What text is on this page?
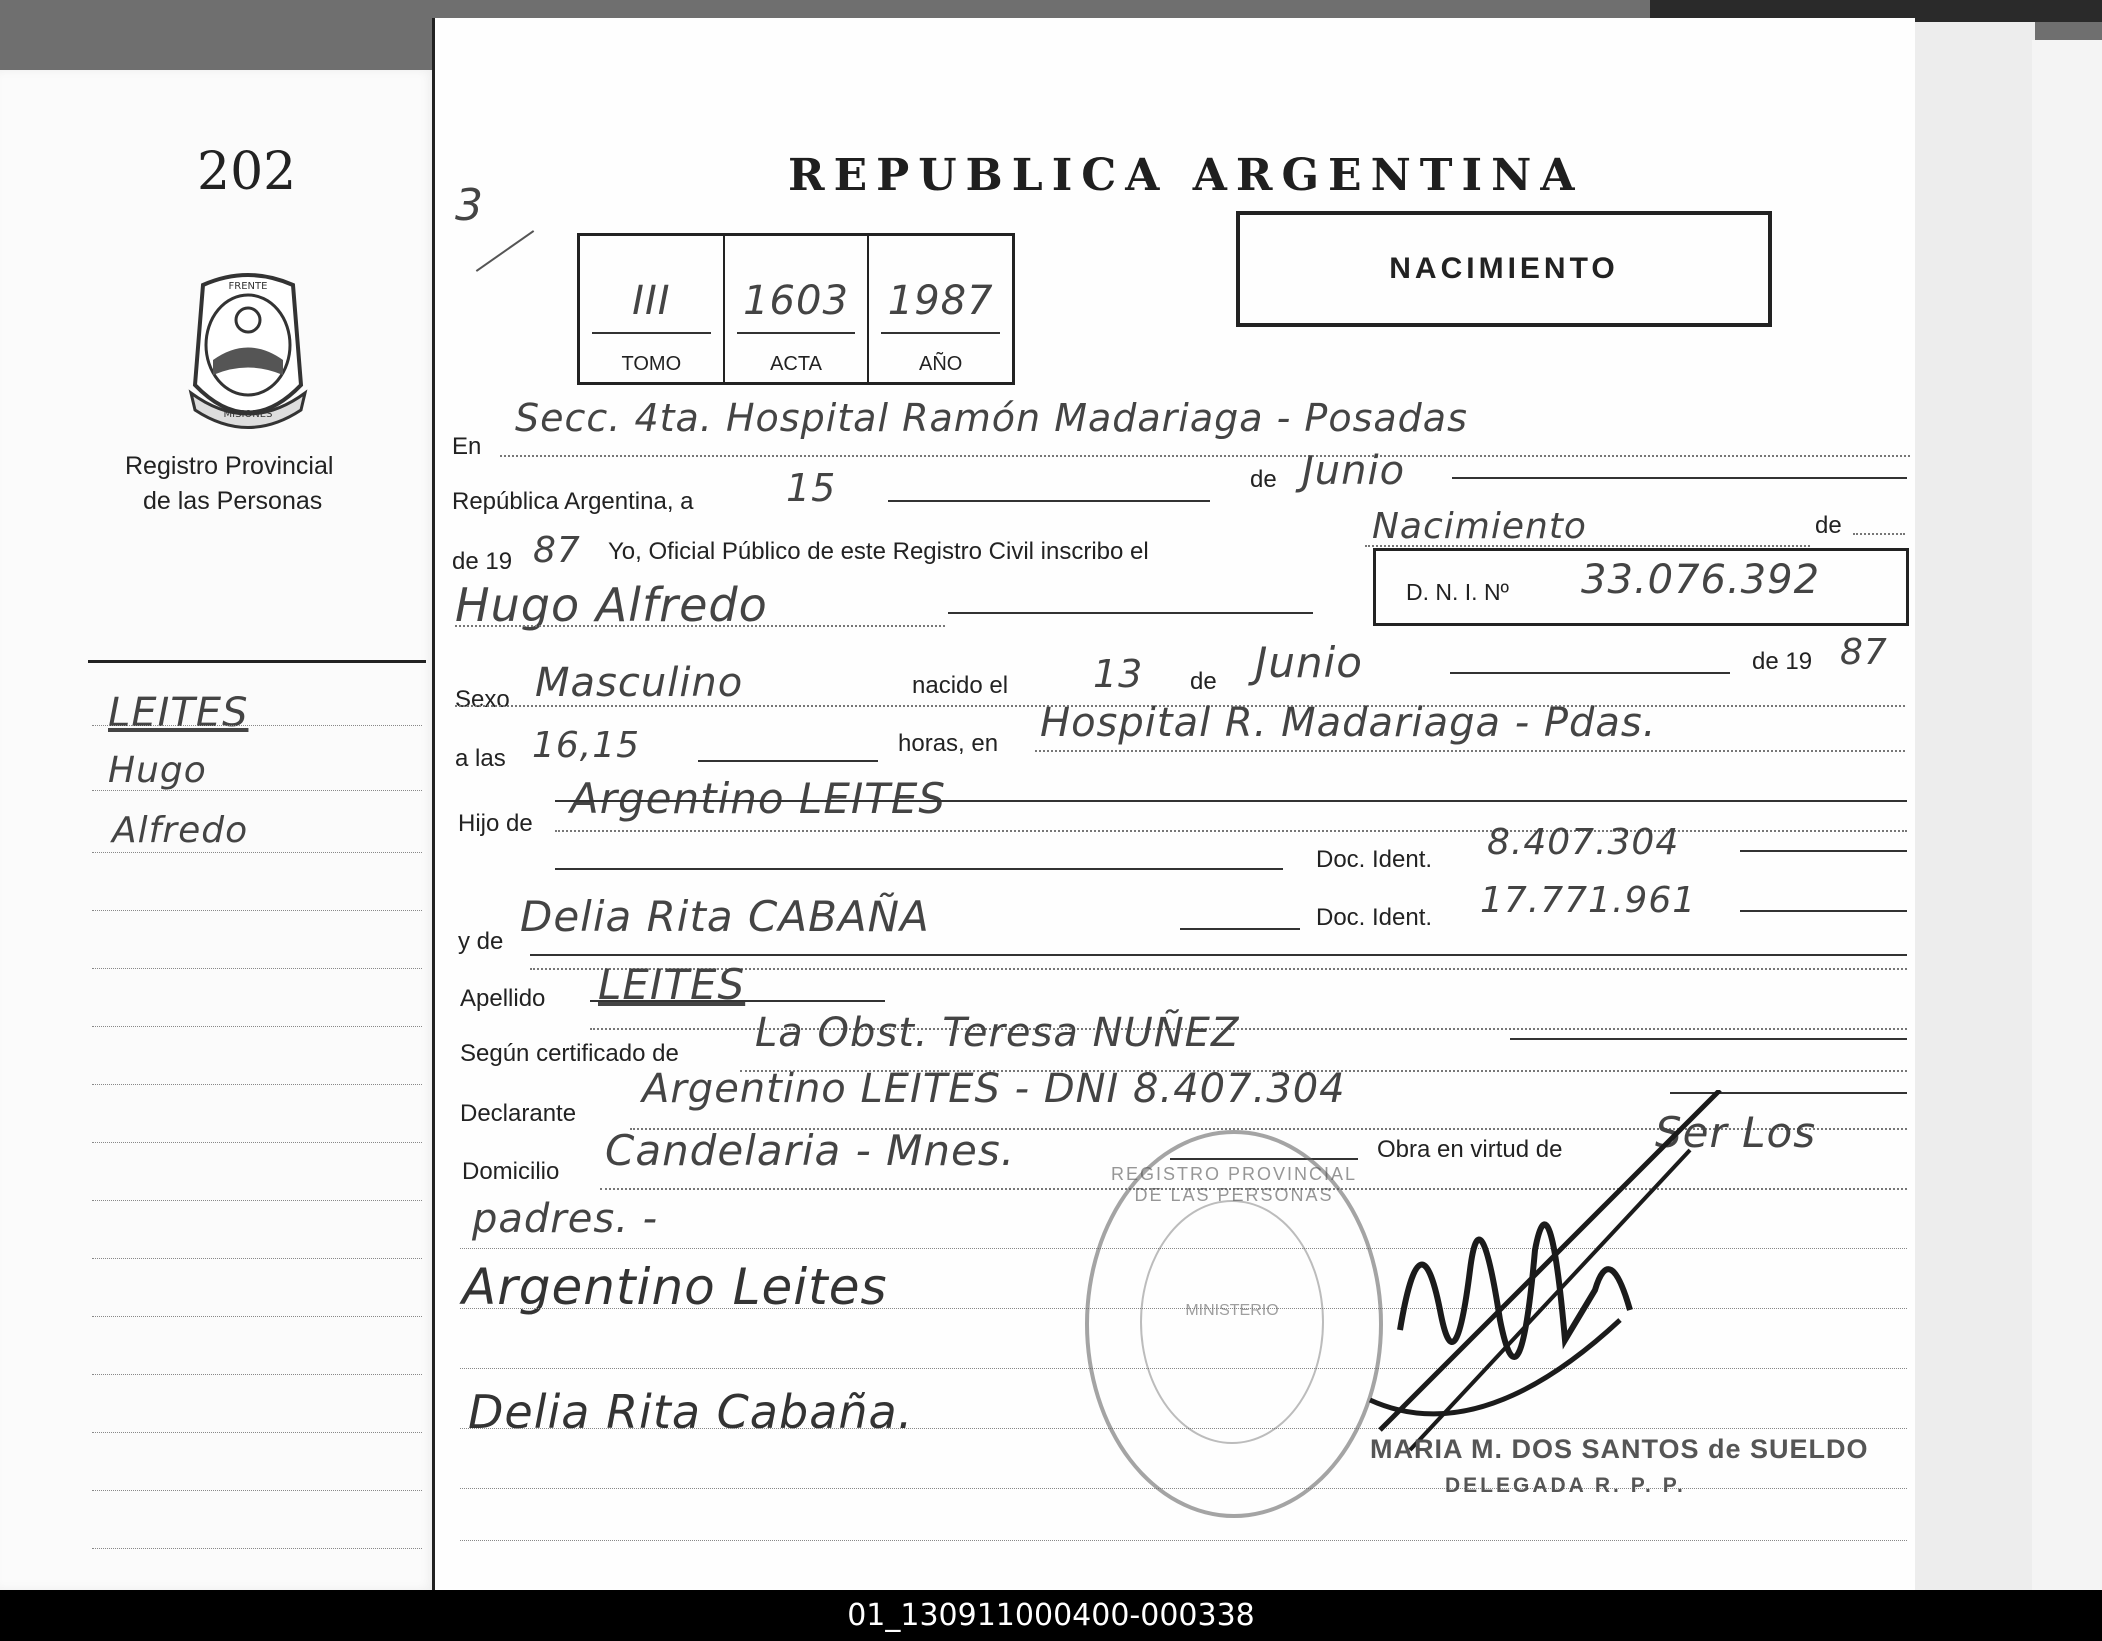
202
FRENTE
MISIONES
Registro Provincial
de las Personas
LEITES
Hugo
Alfredo
3
REPUBLICA ARGENTINA
III
TOMO
1603
ACTA
1987
AÑO
NACIMIENTO
En
Secc. 4ta. Hospital Ramón Madariaga - Posadas
República Argentina, a 15	de Junio
de 19 87 Yo, Oficial Público de este Registro Civil inscribo el
Nacimiento	de
Hugo Alfredo	D. N. I. Nº 33.076.392
Sexo Masculino	nacido el 13 de Junio	de 19 87
a las 16,15	horas, en Hospital R. Madariaga - Pdas.
Hijo de
Argentino LEITES
Doc. Ident. 8.407.304
y de
Delia Rita CABAÑA	Doc. Ident. 17.771.961
Apellido LEITES
Según certificado de La Obst. Teresa NUÑEZ
Declarante
Argentino LEITES - DNI 8.407.304
Domicilio Candelaria - Mnes.	Obra en virtud de Ser Los
padres. -
Argentino Leites
Delia Rita Cabaña.
REGISTRO PROVINCIAL DE LAS PERSONAS
MINISTERIO
MARIA M. DOS SANTOS de SUELDO
DELEGADA R. P. P.
01_130911000400-000338
